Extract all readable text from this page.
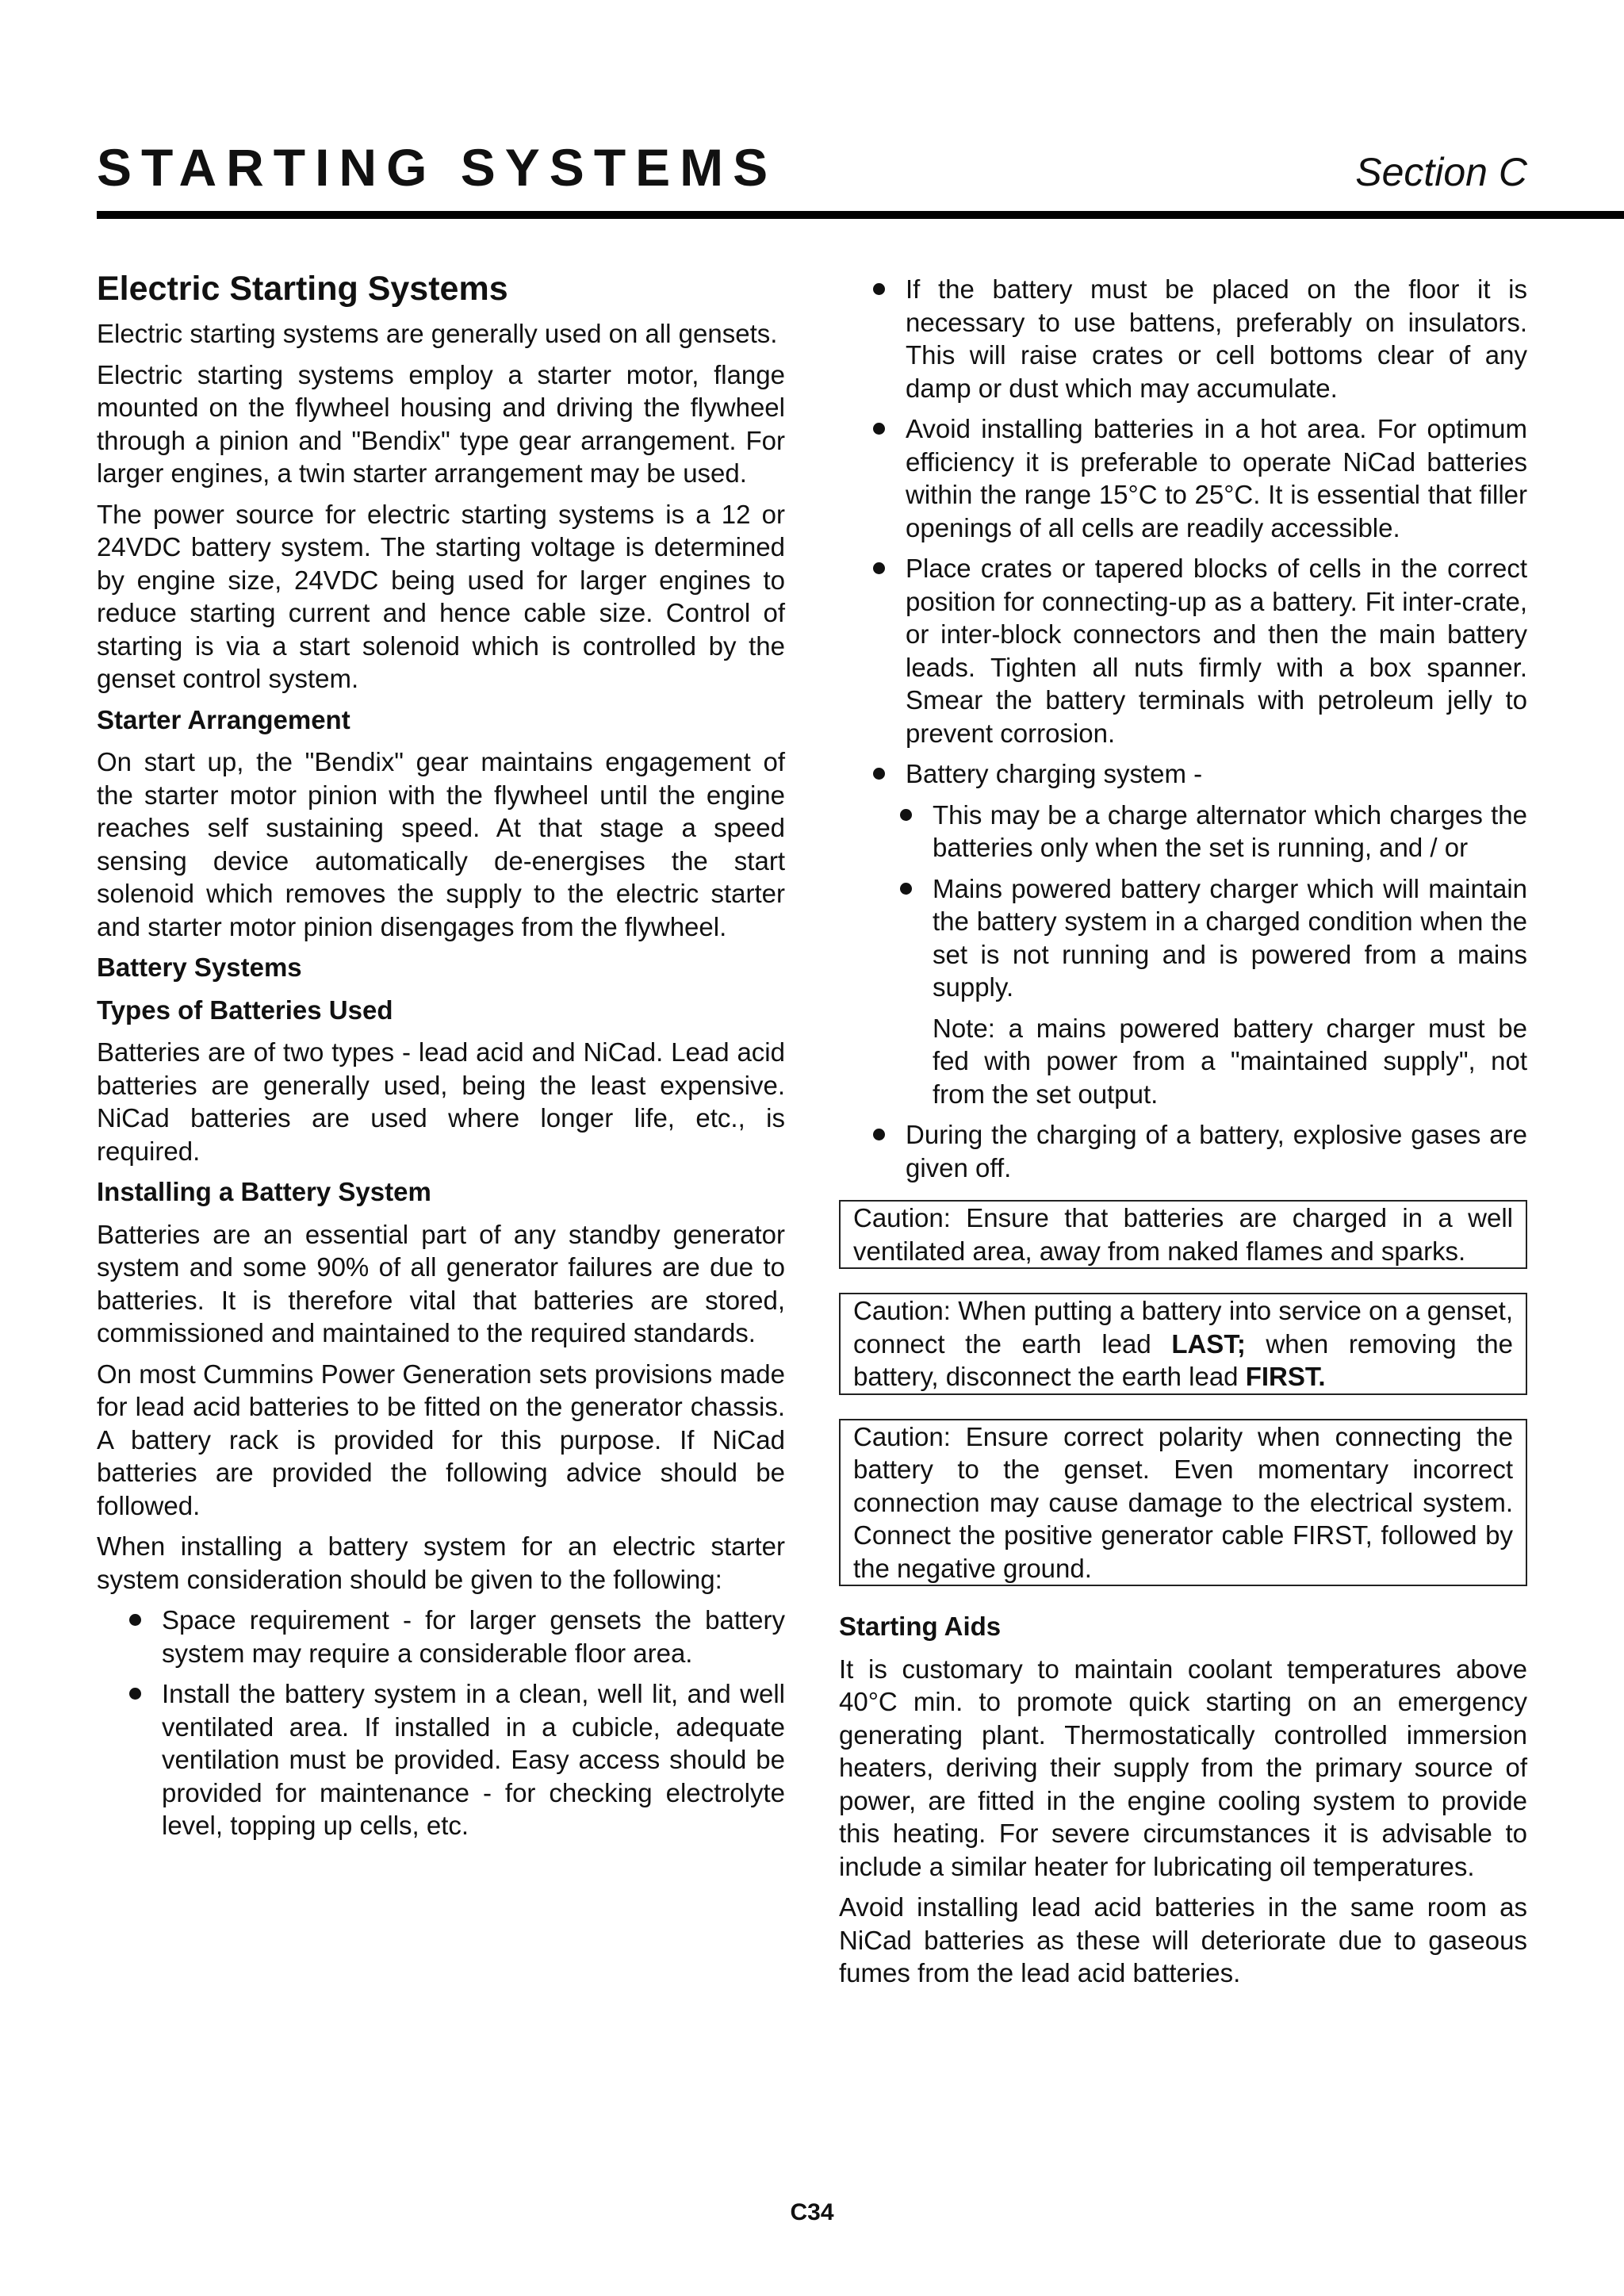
STARTING SYSTEMS	Section C
Electric Starting Systems

Electric starting systems are generally used on all gensets.

Electric starting systems employ a starter motor, flange mounted on the flywheel housing and driving the flywheel through a pinion and "Bendix" type gear arrangement. For larger engines, a twin starter arrangement may be used.

The power source for electric starting systems is a 12 or 24VDC battery system. The starting voltage is determined by engine size, 24VDC being used for larger engines to reduce starting current and hence cable size. Control of starting is via a start solenoid which is controlled by the genset control system.

Starter Arrangement

On start up, the "Bendix" gear maintains engagement of the starter motor pinion with the flywheel until the engine reaches self sustaining speed. At that stage a speed sensing device automatically de-energises the start solenoid which removes the supply to the electric starter and starter motor pinion disengages from the flywheel.

Battery Systems
Types of Batteries Used

Batteries are of two types - lead acid and NiCad. Lead acid batteries are generally used, being the least expensive. NiCad batteries are used where longer life, etc., is required.

Installing a Battery System

Batteries are an essential part of any standby generator system and some 90% of all generator failures are due to batteries. It is therefore vital that batteries are stored, commissioned and maintained to the required standards.

On most Cummins Power Generation sets provisions made for lead acid batteries to be fitted on the generator chassis. A battery rack is provided for this purpose. If NiCad batteries are provided the following advice should be followed.

When installing a battery system for an electric starter system consideration should be given to the following:

Space requirement - for larger gensets the battery system may require a considerable floor area.
Install the battery system in a clean, well lit, and well ventilated area. If installed in a cubicle, adequate ventilation must be provided. Easy access should be provided for maintenance - for checking electrolyte level, topping up cells, etc.
If the battery must be placed on the floor it is necessary to use battens, preferably on insulators. This will raise crates or cell bottoms clear of any damp or dust which may accumulate.
Avoid installing batteries in a hot area. For optimum efficiency it is preferable to operate NiCad batteries within the range 15°C to 25°C. It is essential that filler openings of all cells are readily accessible.
Place crates or tapered blocks of cells in the correct position for connecting-up as a battery. Fit inter-crate, or inter-block connectors and then the main battery leads. Tighten all nuts firmly with a box spanner. Smear the battery terminals with petroleum jelly to prevent corrosion.
Battery charging system -
This may be a charge alternator which charges the batteries only when the set is running, and / or

Mains powered battery charger which will maintain the battery system in a charged condition when the set is not running and is powered from a mains supply.

Note: a mains powered battery charger must be fed with power from a "maintained supply", not from the set output.

During the charging of a battery, explosive gases are given off.
Caution: Ensure that batteries are charged in a well ventilated area, away from naked flames and sparks.
Caution: When putting a battery into service on a genset, connect the earth lead LAST; when removing the battery, disconnect the earth lead FIRST.
Caution: Ensure correct polarity when connecting the battery to the genset. Even momentary incorrect connection may cause damage to the electrical system. Connect the positive generator cable FIRST, followed by the negative ground.
Starting Aids

It is customary to maintain coolant temperatures above 40°C min. to promote quick starting on an emergency generating plant. Thermostatically controlled immersion heaters, deriving their supply from the primary source of power, are fitted in the engine cooling system to provide this heating. For severe circumstances it is advisable to include a similar heater for lubricating oil temperatures.

Avoid installing lead acid batteries in the same room as NiCad batteries as these will deteriorate due to gaseous fumes from the lead acid batteries.

C34
